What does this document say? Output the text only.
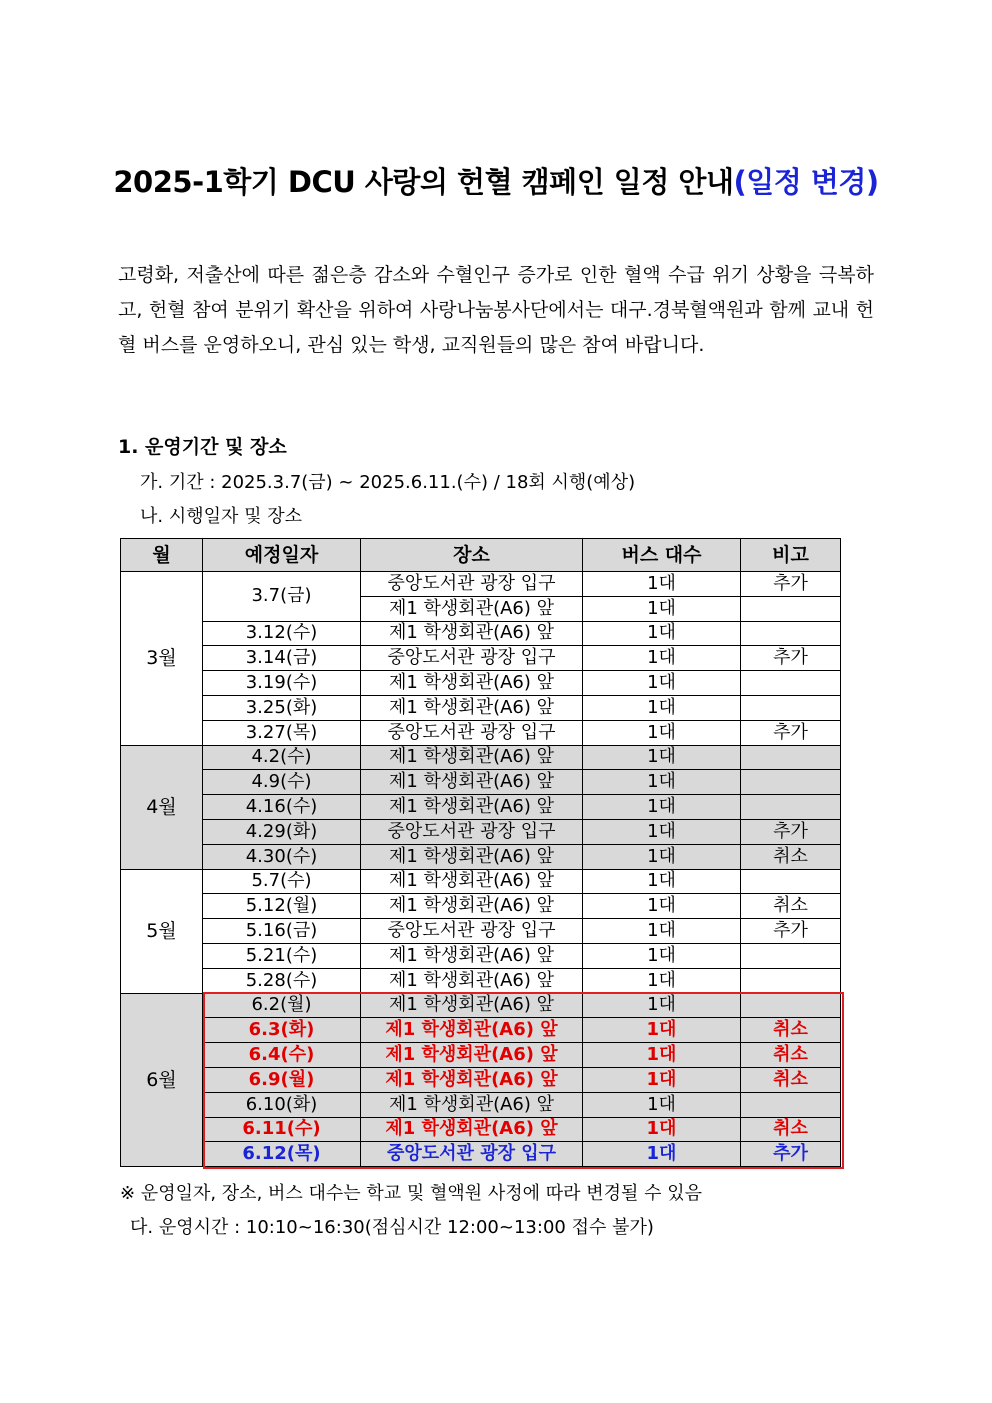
2025-1학기 DCU 사랑의 헌혈 캠페인 일정 안내(일정 변경)
고령화, 저출산에 따른 젊은층 감소와 수혈인구 증가로 인한 혈액 수급 위기 상황을 극복하고, 헌혈 참여 분위기 확산을 위하여 사랑나눔봉사단에서는 대구.경북혈액원과 함께 교내 헌혈 버스를 운영하오니, 관심 있는 학생, 교직원들의 많은 참여 바랍니다.
1. 운영기간 및 장소
가. 기간 : 2025.3.7(금) ~ 2025.6.11.(수) / 18회 시행(예상)
나. 시행일자 및 장소
월	예정일자	장소	버스 대수	비고
3월	3.7(금)	중앙도서관 광장 입구	1대	추가
		제1 학생회관(A6) 앞	1대	
	3.12(수)	제1 학생회관(A6) 앞	1대	
	3.14(금)	중앙도서관 광장 입구	1대	추가
	3.19(수)	제1 학생회관(A6) 앞	1대	
	3.25(화)	제1 학생회관(A6) 앞	1대	
	3.27(목)	중앙도서관 광장 입구	1대	추가
4월	4.2(수)	제1 학생회관(A6) 앞	1대	
	4.9(수)	제1 학생회관(A6) 앞	1대	
	4.16(수)	제1 학생회관(A6) 앞	1대	
	4.29(화)	중앙도서관 광장 입구	1대	추가
	4.30(수)	제1 학생회관(A6) 앞	1대	취소
5월	5.7(수)	제1 학생회관(A6) 앞	1대	
	5.12(월)	제1 학생회관(A6) 앞	1대	취소
	5.16(금)	중앙도서관 광장 입구	1대	추가
	5.21(수)	제1 학생회관(A6) 앞	1대	
	5.28(수)	제1 학생회관(A6) 앞	1대	
6월	6.2(월)	제1 학생회관(A6) 앞	1대	
	6.3(화)	제1 학생회관(A6) 앞	1대	취소
	6.4(수)	제1 학생회관(A6) 앞	1대	취소
	6.9(월)	제1 학생회관(A6) 앞	1대	취소
	6.10(화)	제1 학생회관(A6) 앞	1대	
	6.11(수)	제1 학생회관(A6) 앞	1대	취소
	6.12(목)	중앙도서관 광장 입구	1대	추가
※ 운영일자, 장소, 버스 대수는 학교 및 혈액원 사정에 따라 변경될 수 있음
다. 운영시간 : 10:10~16:30(점심시간 12:00~13:00 접수 불가)
